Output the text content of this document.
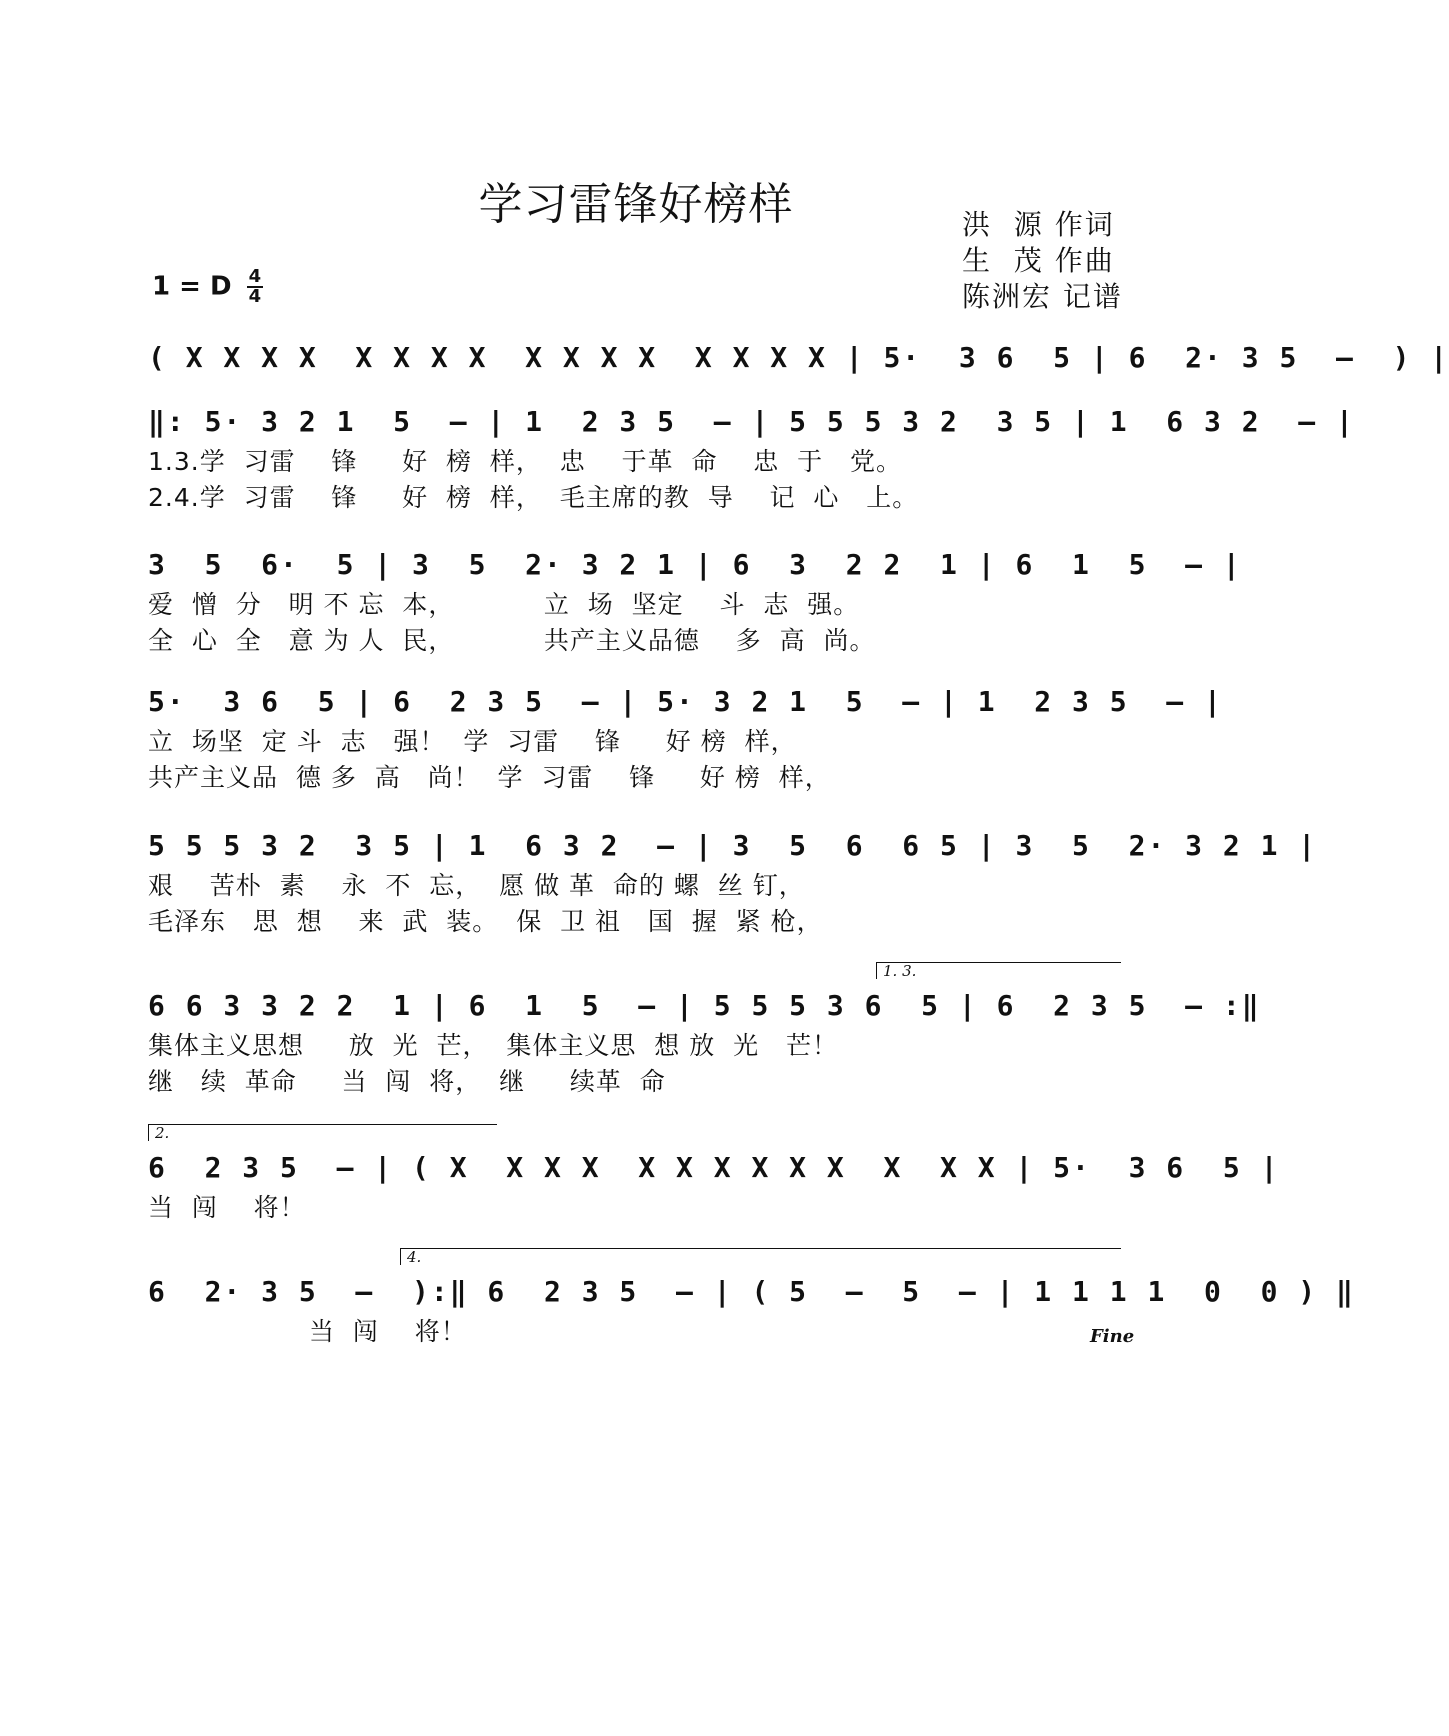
学习雷锋好榜样	洪  源 作词
生  茂 作曲
陈洲宏 记谱
1 = D $\frac{4}{4}$
( X X X X  X X X X  X X X X  X X X X | 5·  3 6  5 | 6  2· 3 5  –  ) |
‖: 5· 3 2 1  5  – | 1  2 3 5  – | 5 5 5 3 2  3 5 | 1  6 3 2  – |
1.3.学  习雷    锋     好  榜  样，  忠    于革  命    忠  于   党。
2.4.学  习雷    锋     好  榜  样，  毛主席的教  导    记  心   上。
3  5  6·  5 | 3  5  2· 3 2 1 | 6  3  2 2  1 | 6  1  5  – |
爱  憎  分   明 不 忘  本，          立  场  坚定    斗  志  强。
全  心  全   意 为 人  民，          共产主义品德    多  高  尚。
5·  3 6  5 | 6  2 3 5  – | 5· 3 2 1  5  – | 1  2 3 5  – |
立  场坚  定 斗  志   强！  学  习雷    锋     好 榜  样，
共产主义品  德 多  高   尚！  学  习雷    锋     好 榜  样，
5 5 5 3 2  3 5 | 1  6 3 2  – | 3  5  6  6 5 | 3  5  2· 3 2 1 |
艰    苦朴  素    永  不  忘，  愿 做 革  命的 螺  丝 钉，
毛泽东   思  想    来  武  装。  保  卫 祖   国  握  紧 枪，
1. 3.
6 6 3 3 2 2  1 | 6  1  5  – | 5 5 5 3 6  5 | 6  2 3 5  – :‖
集体主义思想     放  光  芒，  集体主义思  想 放  光   芒！
继   续  革命     当  闯  将，  继     续革  命
2.
6  2 3 5  – | ( X  X X X  X X X X X X  X  X X | 5·  3 6  5 |
当  闯    将！
4.
6  2· 3 5  –  ):‖ 6  2 3 5  – | ( 5  –  5  – | 1 1 1 1  0  0 ) ‖
当  闯    将！	Fine
